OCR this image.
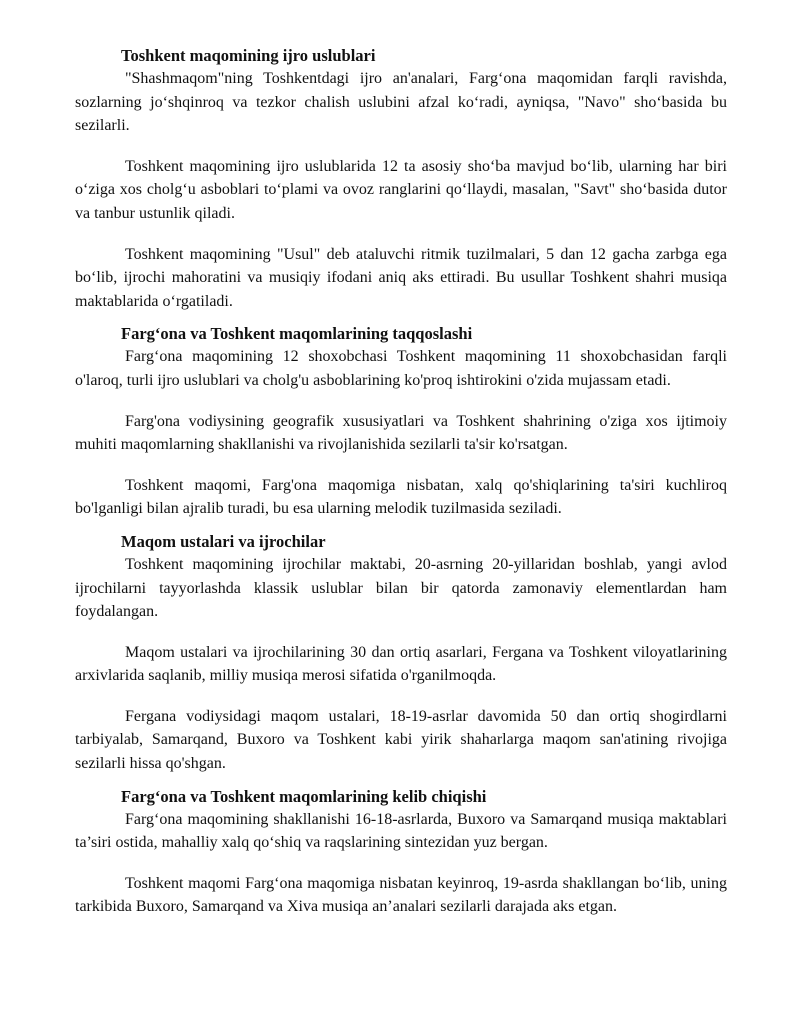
Toshkent maqomining ijro uslublari

"Shashmaqom"ning Toshkentdagi ijro an'analari, Farg‘ona maqomidan farqli ravishda, sozlarning jo‘shqinroq va tezkor chalish uslubini afzal ko‘radi, ayniqsa, "Navo" sho‘basida bu sezilarli.

Toshkent maqomining ijro uslublarida 12 ta asosiy sho‘ba mavjud bo‘lib, ularning har biri o‘ziga xos cholg‘u asboblari to‘plami va ovoz ranglarini qo‘llaydi, masalan, "Savt" sho‘basida dutor va tanbur ustunlik qiladi.

Toshkent maqomining "Usul" deb ataluvchi ritmik tuzilmalari, 5 dan 12 gacha zarbga ega bo‘lib, ijrochi mahoratini va musiqiy ifodani aniq aks ettiradi. Bu usullar Toshkent shahri musiqa maktablarida o‘rgatiladi.

Farg‘ona va Toshkent maqomlarining taqqoslashi

Farg‘ona maqomining 12 shoxobchasi Toshkent maqomining 11 shoxobchasidan farqli o'laroq, turli ijro uslublari va cholg'u asboblarining ko'proq ishtirokini o'zida mujassam etadi.

Farg'ona vodiysining geografik xususiyatlari va Toshkent shahrining o'ziga xos ijtimoiy muhiti maqomlarning shakllanishi va rivojlanishida sezilarli ta'sir ko'rsatgan.

Toshkent maqomi, Farg'ona maqomiga nisbatan, xalq qo'shiqlarining ta'siri kuchliroq bo'lganligi bilan ajralib turadi, bu esa ularning melodik tuzilmasida seziladi.

Maqom ustalari va ijrochilar

Toshkent maqomining ijrochilar maktabi, 20-asrning 20-yillaridan boshlab, yangi avlod ijrochilarni tayyorlashda klassik uslublar bilan bir qatorda zamonaviy elementlardan ham foydalangan.

Maqom ustalari va ijrochilarining 30 dan ortiq asarlari, Fergana va Toshkent viloyatlarining arxivlarida saqlanib, milliy musiqa merosi sifatida o'rganilmoqda.

Fergana vodiysidagi maqom ustalari, 18-19-asrlar davomida 50 dan ortiq shogirdlarni tarbiyalab, Samarqand, Buxoro va Toshkent kabi yirik shaharlarga maqom san'atining rivojiga sezilarli hissa qo'shgan.

Farg‘ona va Toshkent maqomlarining kelib chiqishi

Farg‘ona maqomining shakllanishi 16-18-asrlarda, Buxoro va Samarqand musiqa maktablari ta’siri ostida, mahalliy xalq qo‘shiq va raqslarining sintezidan yuz bergan.

Toshkent maqomi Farg‘ona maqomiga nisbatan keyinroq, 19-asrda shakllangan bo‘lib, uning tarkibida Buxoro, Samarqand va Xiva musiqa an’analari sezilarli darajada aks etgan.
